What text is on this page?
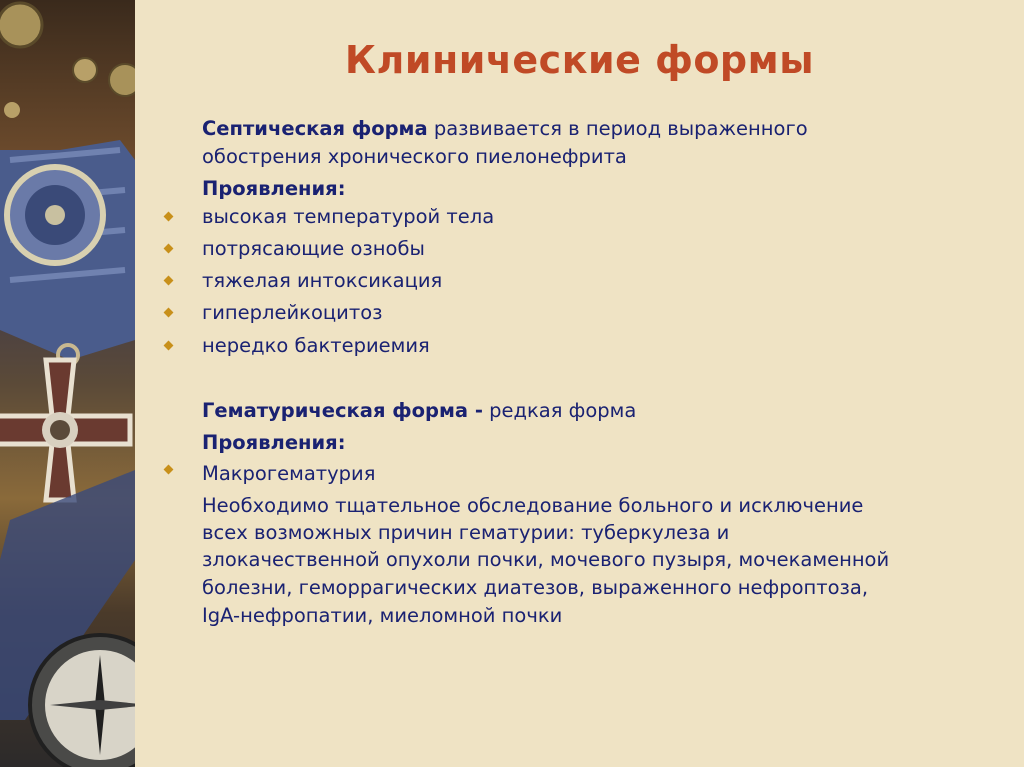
Клинические формы
Септическая форма развивается в период выраженного
обострения хронического пиелонефрита
Проявления:
высокая температурой тела
потрясающие ознобы
тяжелая интоксикация
гиперлейкоцитоз
нередко бактериемия
Гематурическая форма - редкая форма
Проявления:
Макрогематурия
Необходимо тщательное обследование больного и исключение
всех возможных причин гематурии: туберкулеза и
злокачественной опухоли почки, мочевого пузыря, мочекаменной
болезни, геморрагических диатезов, выраженного нефроптоза,
IgA-нефропатии, миеломной почки
